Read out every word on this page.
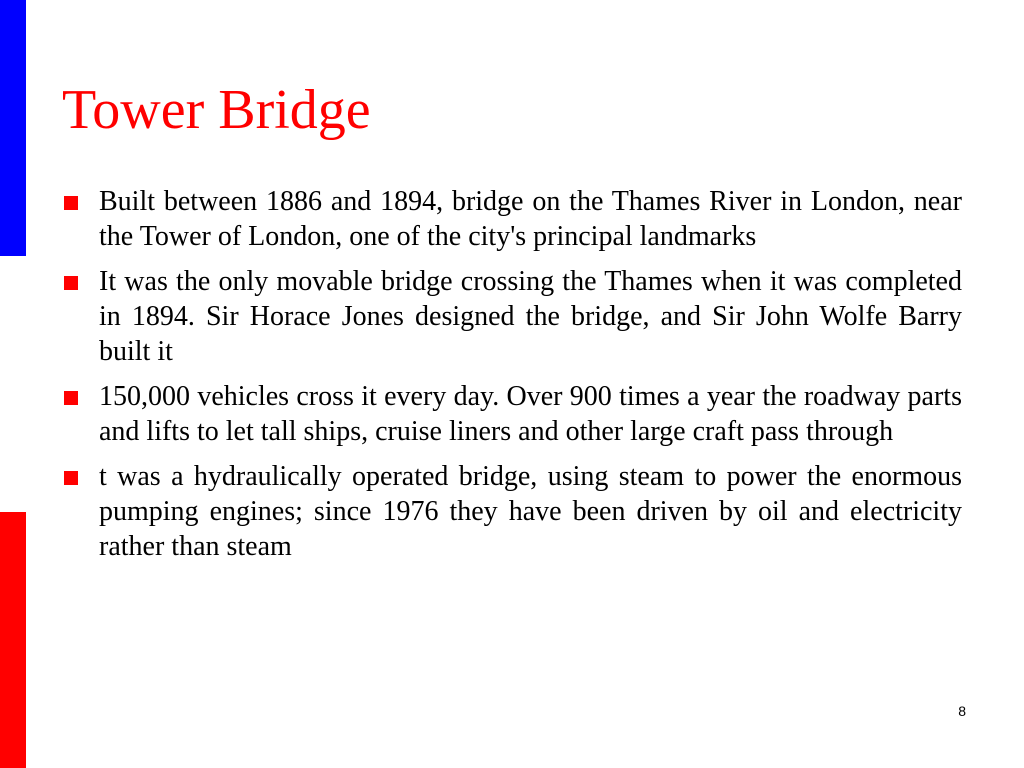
Tower Bridge
Built between 1886 and 1894, bridge on the Thames River in London, near the Tower of London, one of the city's principal landmarks
It was the only movable bridge crossing the Thames when it was completed in 1894. Sir Horace Jones designed the bridge, and Sir John Wolfe Barry built it
150,000 vehicles cross it every day. Over 900 times a year the roadway parts and lifts to let tall ships, cruise liners and other large craft pass through
t was a hydraulically operated bridge, using steam to power the enormous pumping engines; since 1976 they have been driven by oil and electricity rather than steam
8
